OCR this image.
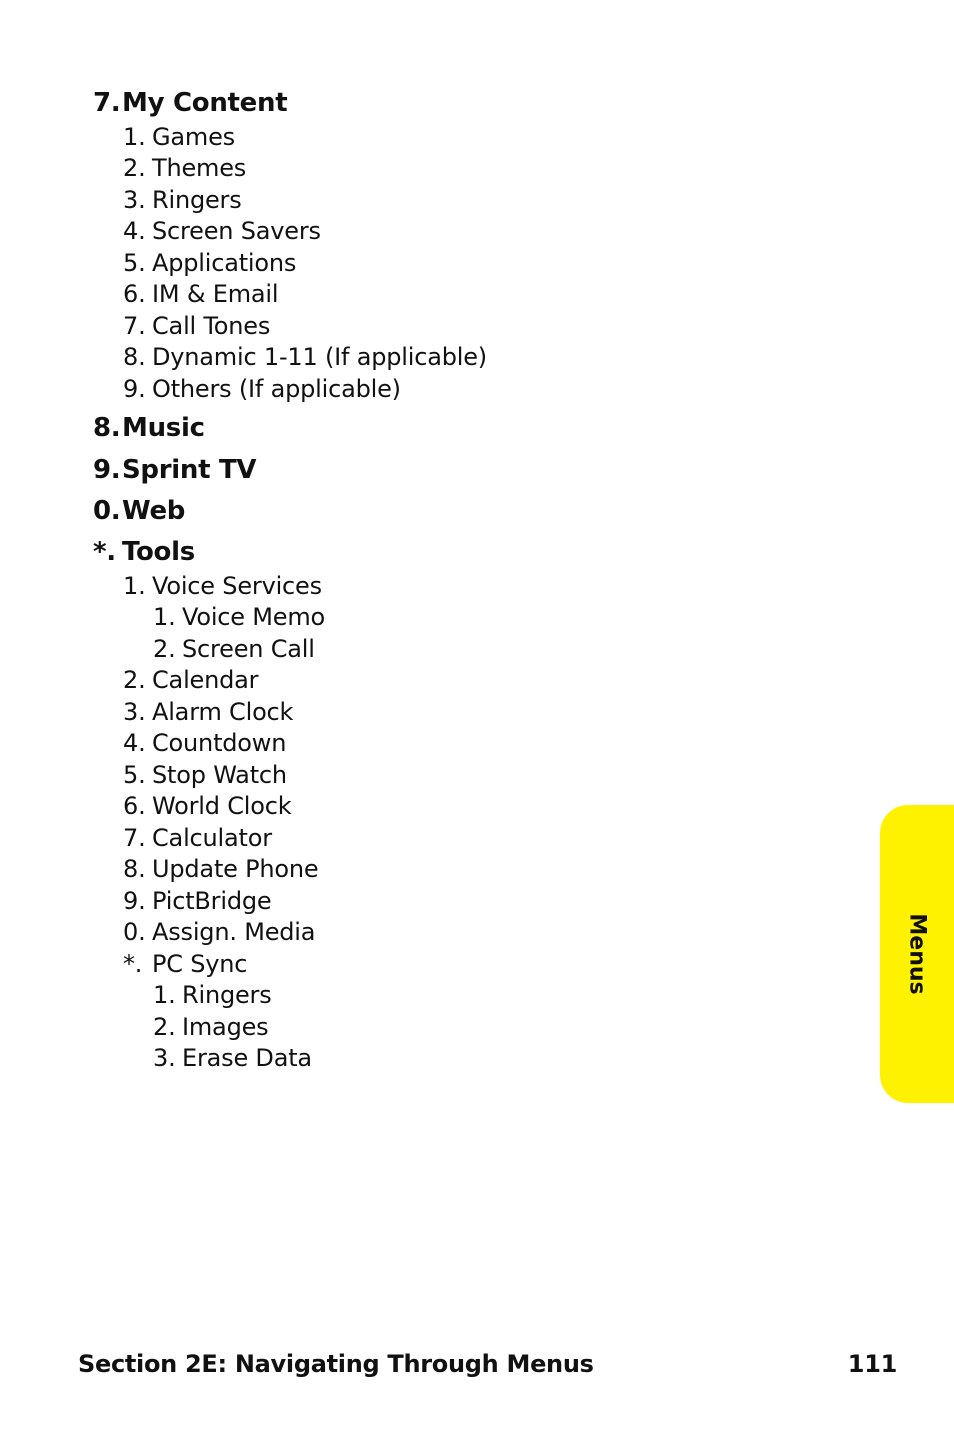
7.My Content
1. Games
2. Themes
3. Ringers
4. Screen Savers
5. Applications
6. IM & Email
7. Call Tones
8. Dynamic 1-11 (If applicable)
9. Others (If applicable)
8.Music
9.Sprint TV
0.Web
*. Tools
1. Voice Services
1. Voice Memo
2. Screen Call
2. Calendar
3. Alarm Clock
4. Countdown
5. Stop Watch
6. World Clock
7. Calculator
8. Update Phone
9. PictBridge
0. Assign. Media
*. PC Sync
1. Ringers
2. Images
3. Erase Data
Menus
Section 2E: Navigating Through Menus	111
